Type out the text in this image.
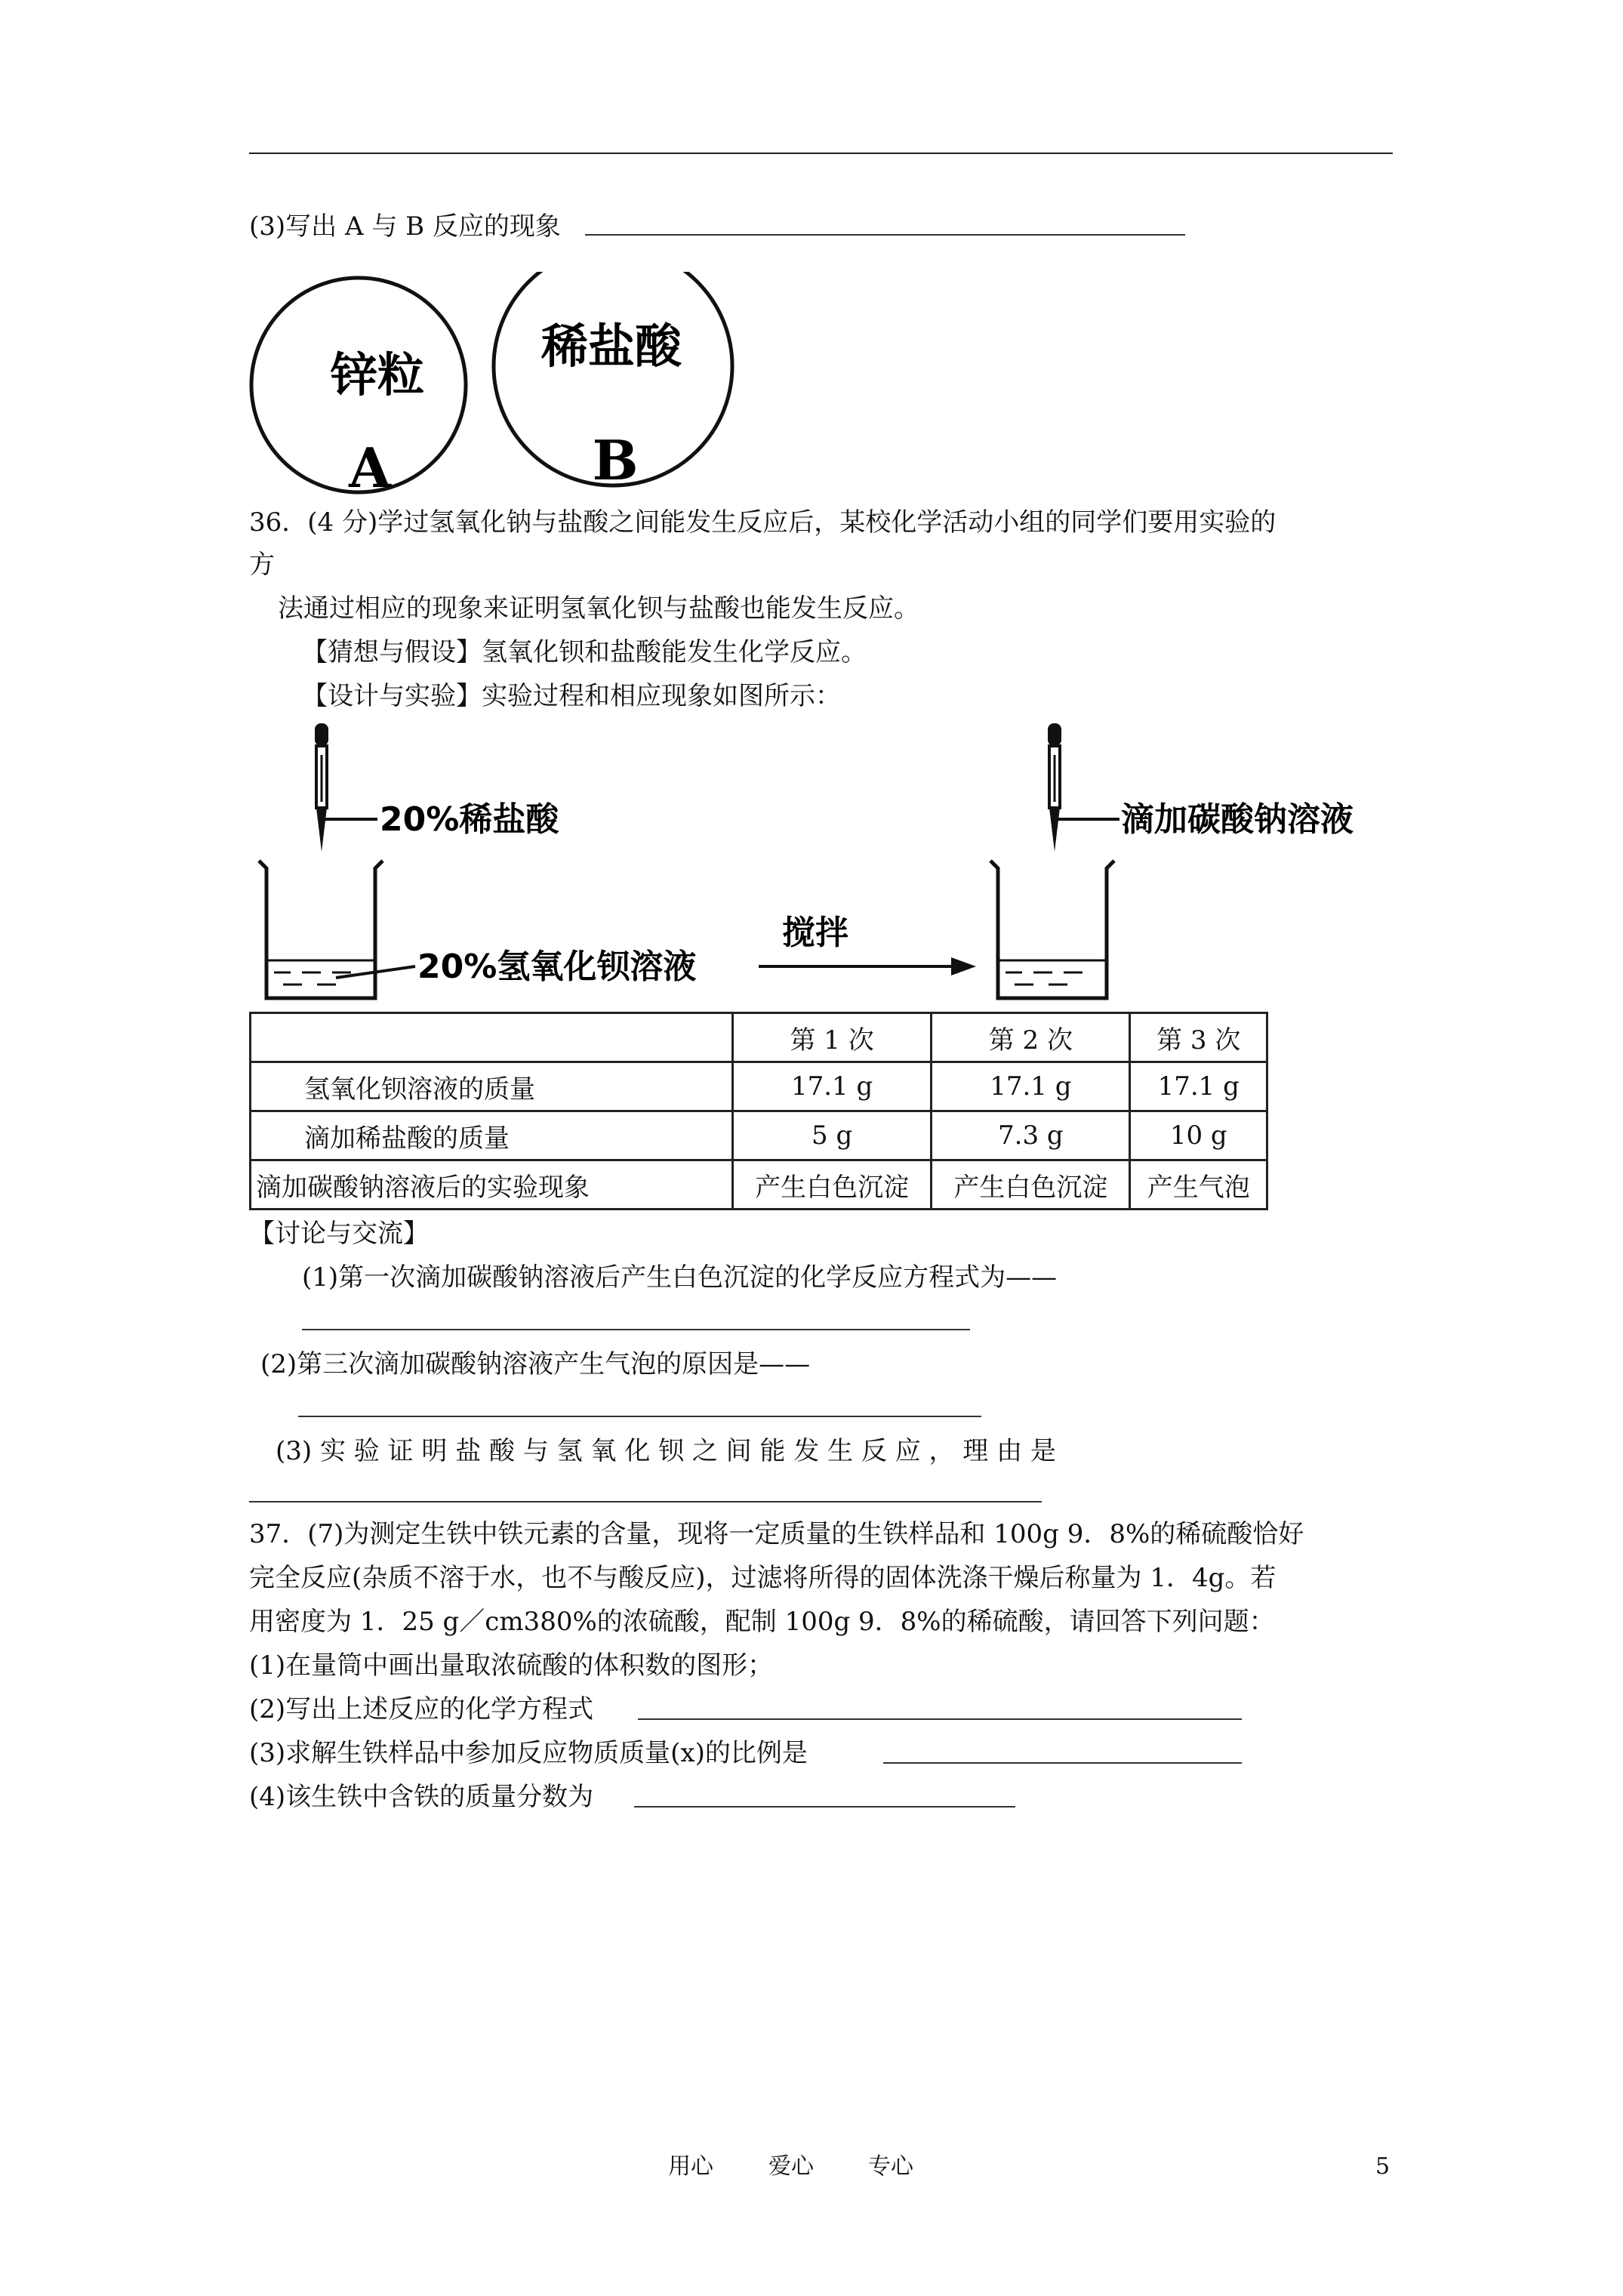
(3)写出 A 与 B 反应的现象
锌粒
A
稀盐酸
B
36．(4 分)学过氢氧化钠与盐酸之间能发生反应后，某校化学活动小组的同学们要用实验的
方
法通过相应的现象来证明氢氧化钡与盐酸也能发生反应。
【猜想与假设】氢氧化钡和盐酸能发生化学反应。
【设计与实验】实验过程和相应现象如图所示：
20%稀盐酸
20%氢氧化钡溶液
搅拌
滴加碳酸钠溶液
	第 1 次	第 2 次	第 3 次
氢氧化钡溶液的质量	17.1 g	17.1 g	17.1 g
滴加稀盐酸的质量	5 g	7.3 g	10 g
滴加碳酸钠溶液后的实验现象	产生白色沉淀	产生白色沉淀	产生气泡
【讨论与交流】
(1)第一次滴加碳酸钠溶液后产生白色沉淀的化学反应方程式为——
(2)第三次滴加碳酸钠溶液产生气泡的原因是——
(3) 实 验 证 明 盐 酸 与 氢 氧 化 钡 之 间 能 发 生 反 应 ， 理 由 是
37．(7)为测定生铁中铁元素的含量，现将一定质量的生铁样品和 100g 9．8%的稀硫酸恰好
完全反应(杂质不溶于水，也不与酸反应)，过滤将所得的固体洗涤干燥后称量为 1．4g。若
用密度为 1．25 g／cm380%的浓硫酸，配制 100g 9．8%的稀硫酸，请回答下列问题：
(1)在量筒中画出量取浓硫酸的体积数的图形；
(2)写出上述反应的化学方程式
(3)求解生铁样品中参加反应物质质量(x)的比例是
(4)该生铁中含铁的质量分数为
用心 爱心 专心	5
